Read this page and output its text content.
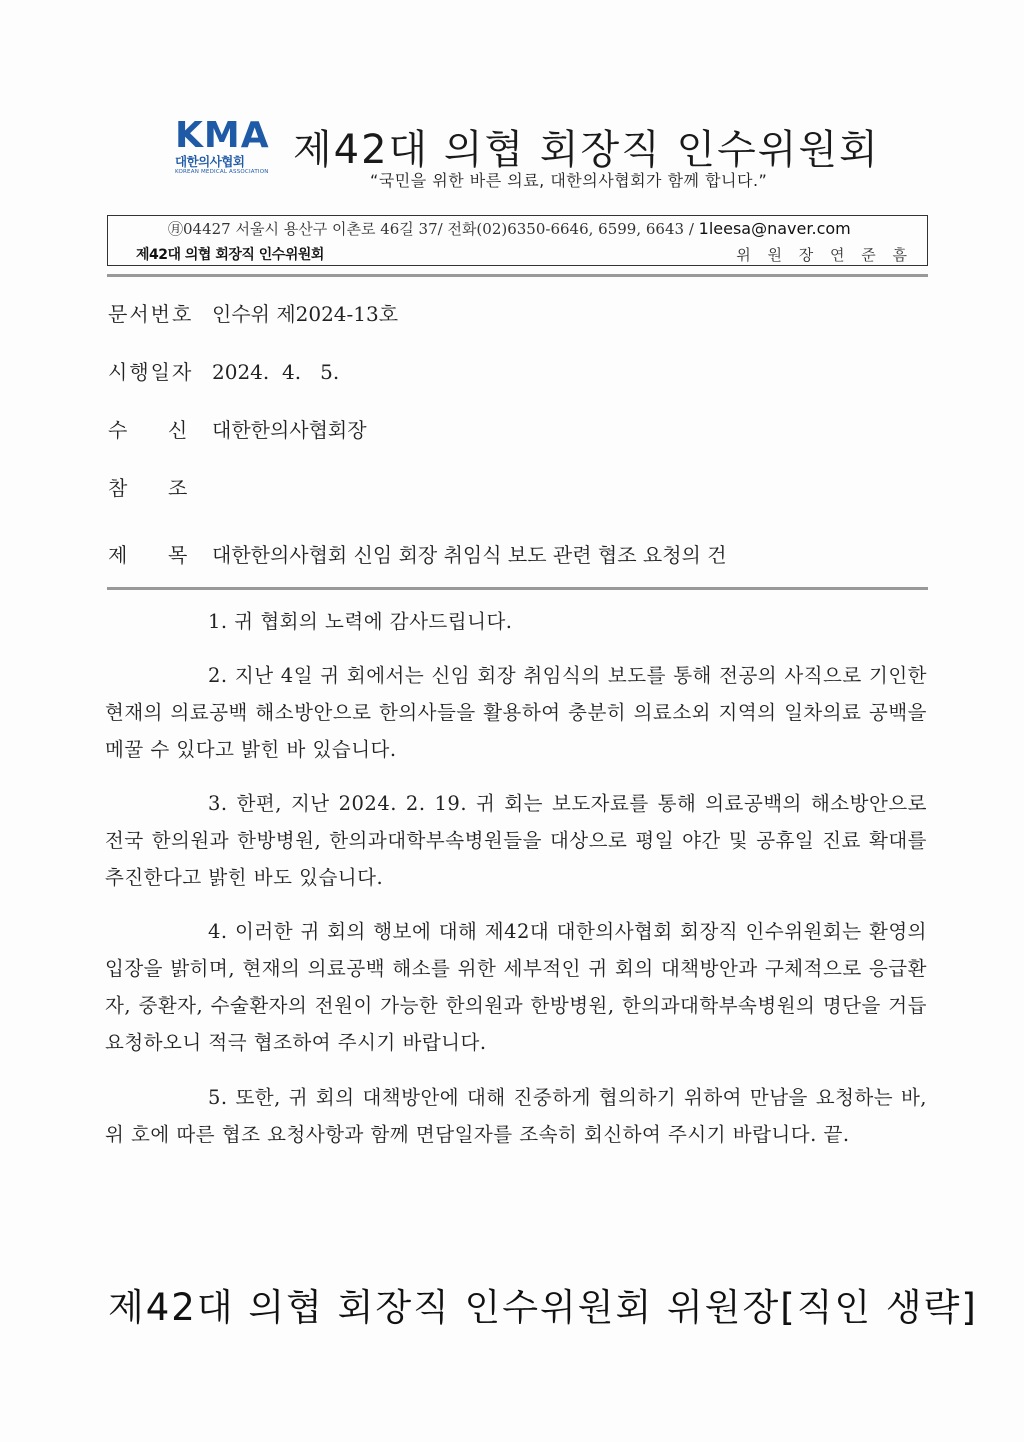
KMA
대한의사협회
KOREAN MEDICAL ASSOCIATION 제42대 의협 회장직 인수위원회
“국민을 위한 바른 의료, 대한의사협회가 함께 합니다.”
㊊04427 서울시 용산구 이촌로 46길 37/ 전화(02)6350-6646, 6599, 6643 / 1leesa@naver.com
제42대 의협 회장직 인수위원회	위 원 장 연 준 흠
문서번호 인수위 제2024-13호
시행일자 2024.  4.   5.
수 신 대한한의사협회장
참 조
제 목 대한한의사협회 신임 회장 취임식 보도 관련 협조 요청의 건
1. 귀 협회의 노력에 감사드립니다.
2. 지난 4일 귀 회에서는 신임 회장 취임식의 보도를 통해 전공의 사직으로 기인한 현재의 의료공백 해소방안으로 한의사들을 활용하여 충분히 의료소외 지역의 일차의료 공백을 메꿀 수 있다고 밝힌 바 있습니다.
3. 한편, 지난 2024. 2. 19. 귀 회는 보도자료를 통해 의료공백의 해소방안으로 전국 한의원과 한방병원, 한의과대학부속병원들을 대상으로 평일 야간 및 공휴일 진료 확대를 추진한다고 밝힌 바도 있습니다.
4. 이러한 귀 회의 행보에 대해 제42대 대한의사협회 회장직 인수위원회는 환영의 입장을 밝히며, 현재의 의료공백 해소를 위한 세부적인 귀 회의 대책방안과 구체적으로 응급환자, 중환자, 수술환자의 전원이 가능한 한의원과 한방병원, 한의과대학부속병원의 명단을 거듭 요청하오니 적극 협조하여 주시기 바랍니다.
5. 또한, 귀 회의 대책방안에 대해 진중하게 협의하기 위하여 만남을 요청하는 바, 위 호에 따른 협조 요청사항과 함께 면담일자를 조속히 회신하여 주시기 바랍니다. 끝.
제42대 의협 회장직 인수위원회 위원장[직인 생략]
